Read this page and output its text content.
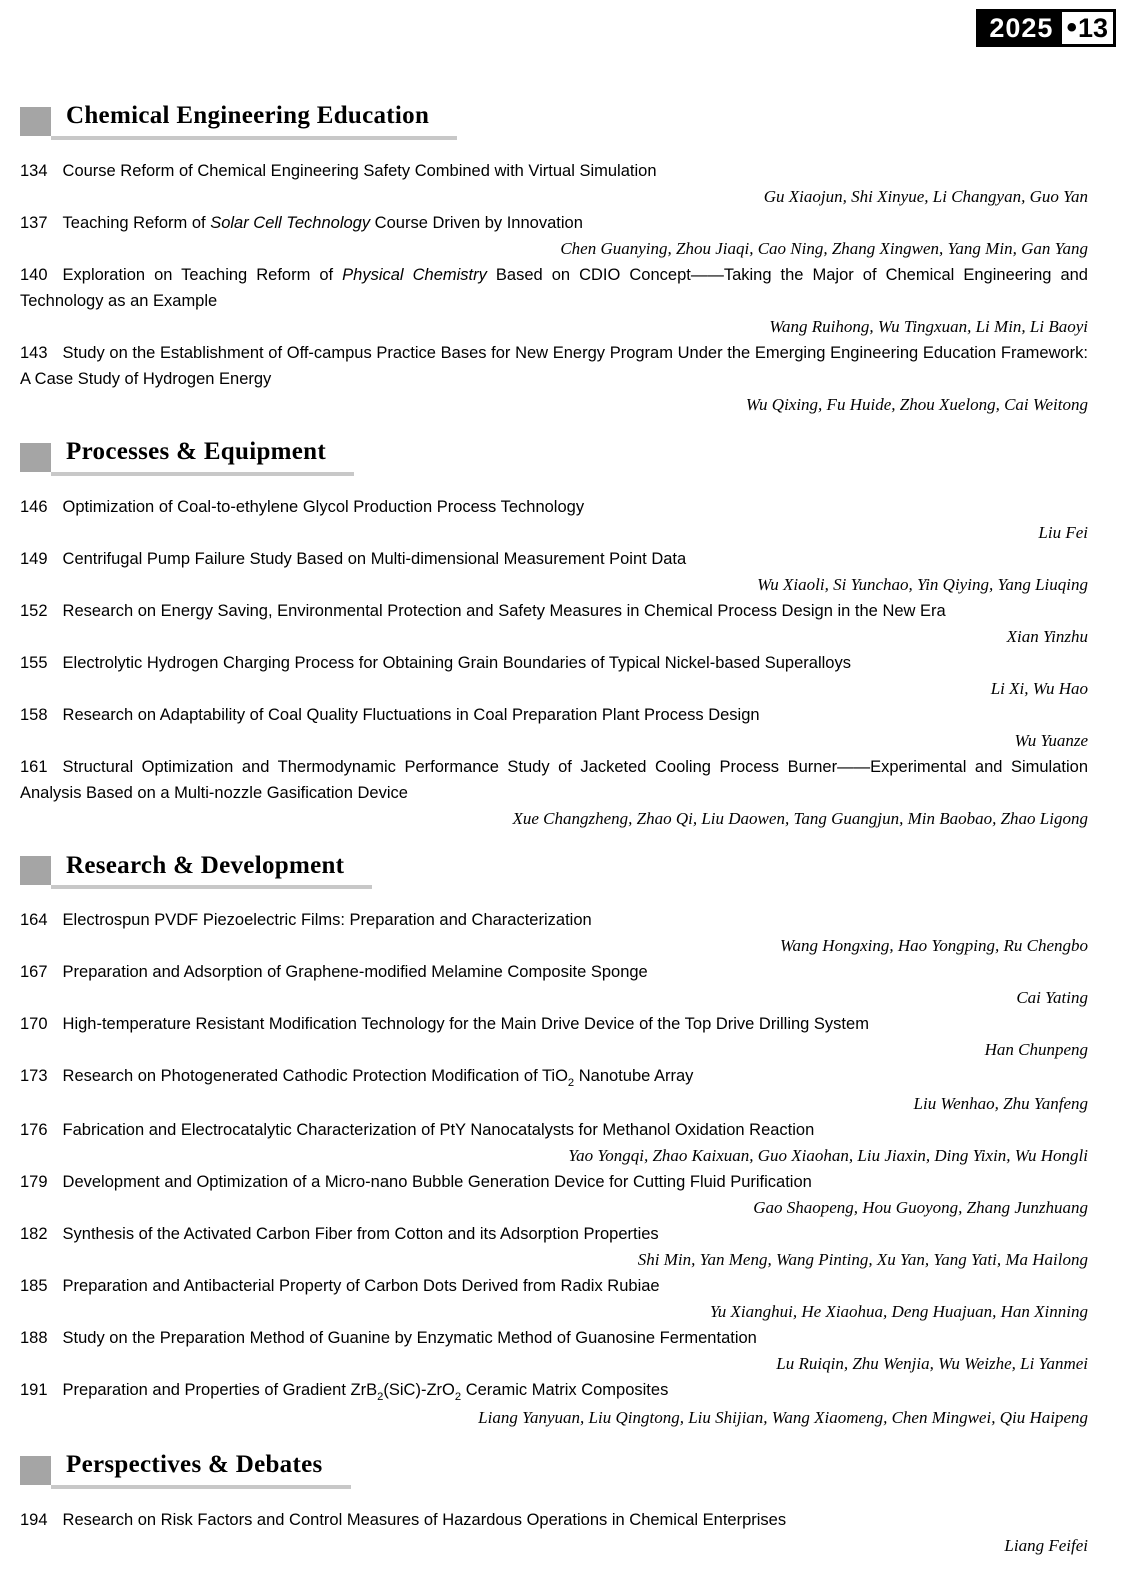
2025 • 13
Chemical Engineering Education

134 Course Reform of Chemical Engineering Safety Combined with Virtual Simulation

Gu Xiaojun, Shi Xinyue, Li Changyan, Guo Yan

137 Teaching Reform of Solar Cell Technology Course Driven by Innovation

Chen Guanying, Zhou Jiaqi, Cao Ning, Zhang Xingwen, Yang Min, Gan Yang

140 Exploration on Teaching Reform of Physical Chemistry Based on CDIO Concept——Taking the Major of Chemical Engineering and Technology as an Example

Wang Ruihong, Wu Tingxuan, Li Min, Li Baoyi

143 Study on the Establishment of Off-campus Practice Bases for New Energy Program Under the Emerging Engineering Education Framework: A Case Study of Hydrogen Energy

Wu Qixing, Fu Huide, Zhou Xuelong, Cai Weitong

Processes & Equipment

146 Optimization of Coal-to-ethylene Glycol Production Process Technology

Liu Fei

149 Centrifugal Pump Failure Study Based on Multi-dimensional Measurement Point Data

Wu Xiaoli, Si Yunchao, Yin Qiying, Yang Liuqing

152 Research on Energy Saving, Environmental Protection and Safety Measures in Chemical Process Design in the New Era

Xian Yinzhu

155 Electrolytic Hydrogen Charging Process for Obtaining Grain Boundaries of Typical Nickel-based Superalloys

Li Xi, Wu Hao

158 Research on Adaptability of Coal Quality Fluctuations in Coal Preparation Plant Process Design

Wu Yuanze

161 Structural Optimization and Thermodynamic Performance Study of Jacketed Cooling Process Burner——Experimental and Simulation Analysis Based on a Multi-nozzle Gasification Device

Xue Changzheng, Zhao Qi, Liu Daowen, Tang Guangjun, Min Baobao, Zhao Ligong

Research & Development

164 Electrospun PVDF Piezoelectric Films: Preparation and Characterization

Wang Hongxing, Hao Yongping, Ru Chengbo

167 Preparation and Adsorption of Graphene-modified Melamine Composite Sponge

Cai Yating

170 High-temperature Resistant Modification Technology for the Main Drive Device of the Top Drive Drilling System

Han Chunpeng

173 Research on Photogenerated Cathodic Protection Modification of TiO$_2$ Nanotube Array

Liu Wenhao, Zhu Yanfeng

176 Fabrication and Electrocatalytic Characterization of PtY Nanocatalysts for Methanol Oxidation Reaction

Yao Yongqi, Zhao Kaixuan, Guo Xiaohan, Liu Jiaxin, Ding Yixin, Wu Hongli

179 Development and Optimization of a Micro-nano Bubble Generation Device for Cutting Fluid Purification

Gao Shaopeng, Hou Guoyong, Zhang Junzhuang

182 Synthesis of the Activated Carbon Fiber from Cotton and its Adsorption Properties

Shi Min, Yan Meng, Wang Pinting, Xu Yan, Yang Yati, Ma Hailong

185 Preparation and Antibacterial Property of Carbon Dots Derived from Radix Rubiae

Yu Xianghui, He Xiaohua, Deng Huajuan, Han Xinning

188 Study on the Preparation Method of Guanine by Enzymatic Method of Guanosine Fermentation

Lu Ruiqin, Zhu Wenjia, Wu Weizhe, Li Yanmei

191 Preparation and Properties of Gradient ZrB$_2$(SiC)-ZrO$_2$ Ceramic Matrix Composites

Liang Yanyuan, Liu Qingtong, Liu Shijian, Wang Xiaomeng, Chen Mingwei, Qiu Haipeng

Perspectives & Debates

194 Research on Risk Factors and Control Measures of Hazardous Operations in Chemical Enterprises

Liang Feifei
